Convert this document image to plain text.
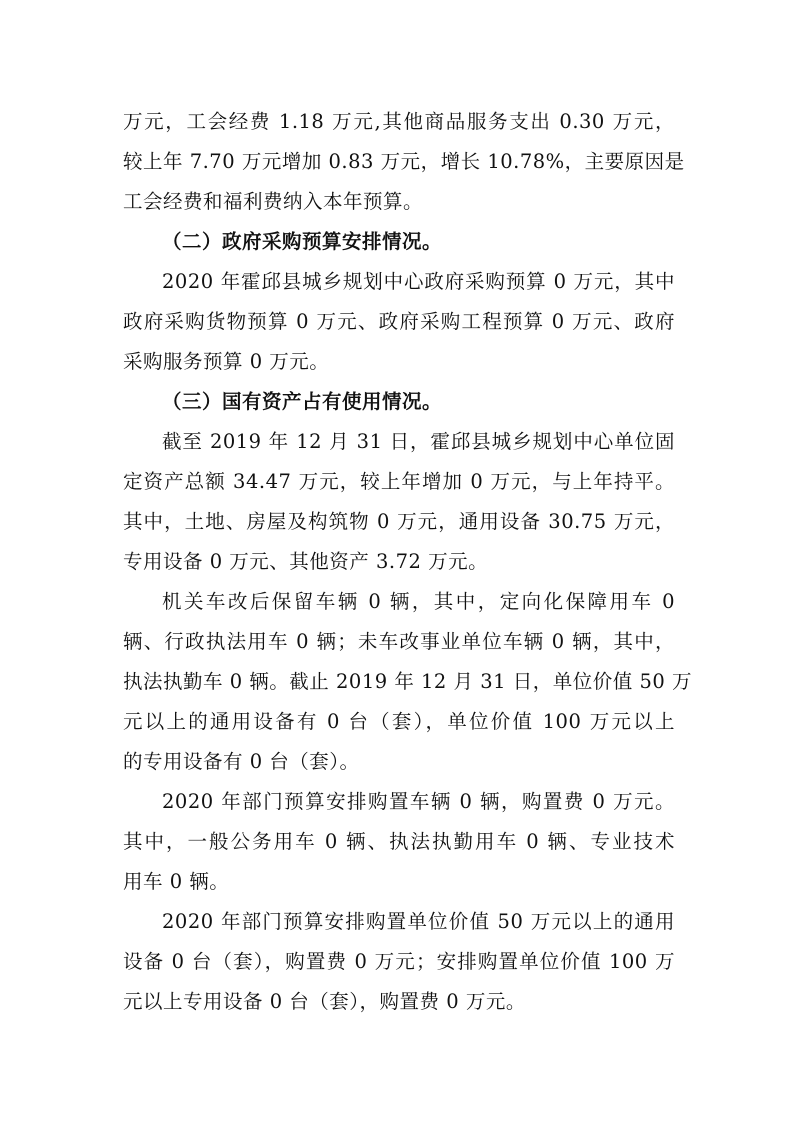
万元，工会经费 1.18 万元,其他商品服务支出 0.30 万元，
较上年 7.70 万元增加 0.83 万元，增长 10.78%，主要原因是
工会经费和福利费纳入本年预算。
（二）政府采购预算安排情况。
2020 年霍邱县城乡规划中心政府采购预算 0 万元，其中
政府采购货物预算 0 万元、政府采购工程预算 0 万元、政府
采购服务预算 0 万元。
（三）国有资产占有使用情况。
截至 2019 年 12 月 31 日，霍邱县城乡规划中心单位固
定资产总额 34.47 万元，较上年增加 0 万元，与上年持平。
其中，土地、房屋及构筑物 0 万元，通用设备 30.75 万元，
专用设备 0 万元、其他资产 3.72 万元。
机关车改后保留车辆 0 辆，其中，定向化保障用车 0
辆、行政执法用车 0 辆；未车改事业单位车辆 0 辆，其中，
执法执勤车 0 辆。截止 2019 年 12 月 31 日，单位价值 50 万
元以上的通用设备有 0 台（套），单位价值 100 万元以上
的专用设备有 0 台（套）。
2020 年部门预算安排购置车辆 0 辆，购置费 0 万元。
其中，一般公务用车 0 辆、执法执勤用车 0 辆、专业技术
用车 0 辆。
2020 年部门预算安排购置单位价值 50 万元以上的通用
设备 0 台（套），购置费 0 万元；安排购置单位价值 100 万
元以上专用设备 0 台（套），购置费 0 万元。
